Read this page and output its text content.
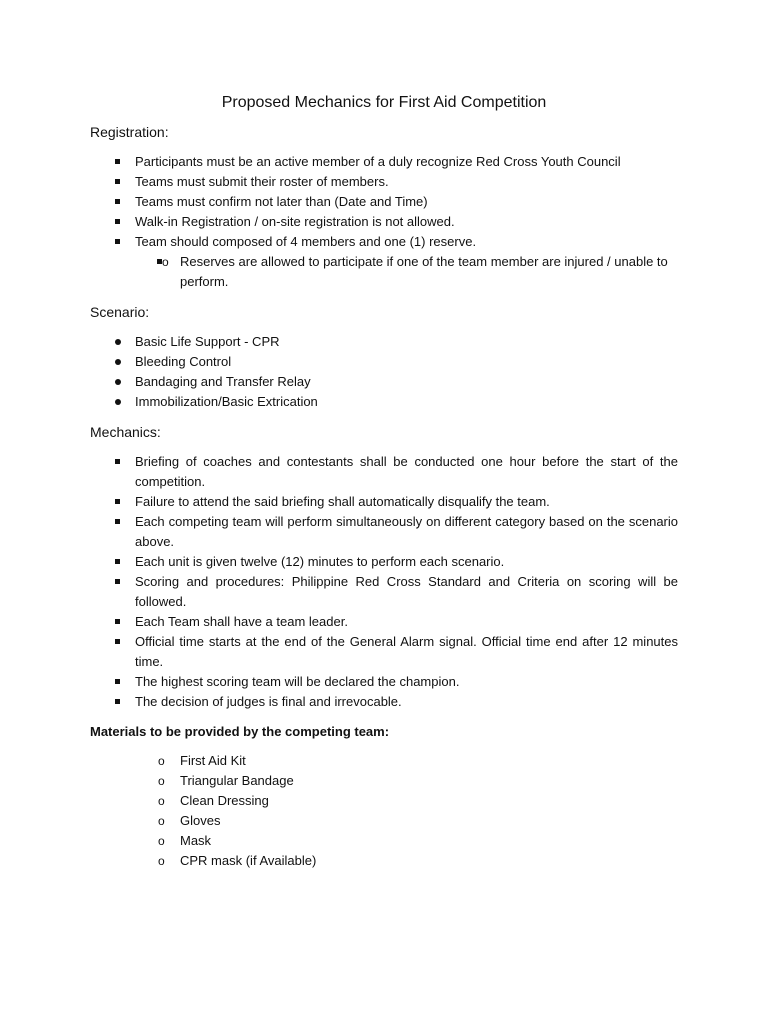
Proposed Mechanics for First Aid Competition
Registration:
Participants must be an active member of a duly recognize Red Cross Youth Council
Teams must submit their roster of members.
Teams must confirm not later than (Date and Time)
Walk-in Registration / on-site registration is not allowed.
Team should composed of 4 members and one (1) reserve.
o Reserves are allowed to participate if one of the team member are injured / unable to perform.
Scenario:
Basic Life Support - CPR
Bleeding Control
Bandaging and Transfer Relay
Immobilization/Basic Extrication
Mechanics:
Briefing of coaches and contestants shall be conducted one hour before the start of the competition.
Failure to attend the said briefing shall automatically disqualify the team.
Each competing team will perform simultaneously on different category based on the scenario above.
Each unit is given twelve (12) minutes to perform each scenario.
Scoring and procedures: Philippine Red Cross Standard and Criteria on scoring will be followed.
Each Team shall have a team leader.
Official time starts at the end of the General Alarm signal. Official time end after 12 minutes time.
The highest scoring team will be declared the champion.
The decision of judges is final and irrevocable.
Materials to be provided by the competing team:
o First Aid Kit
o Triangular Bandage
o Clean Dressing
o Gloves
o Mask
o CPR mask (if Available)
